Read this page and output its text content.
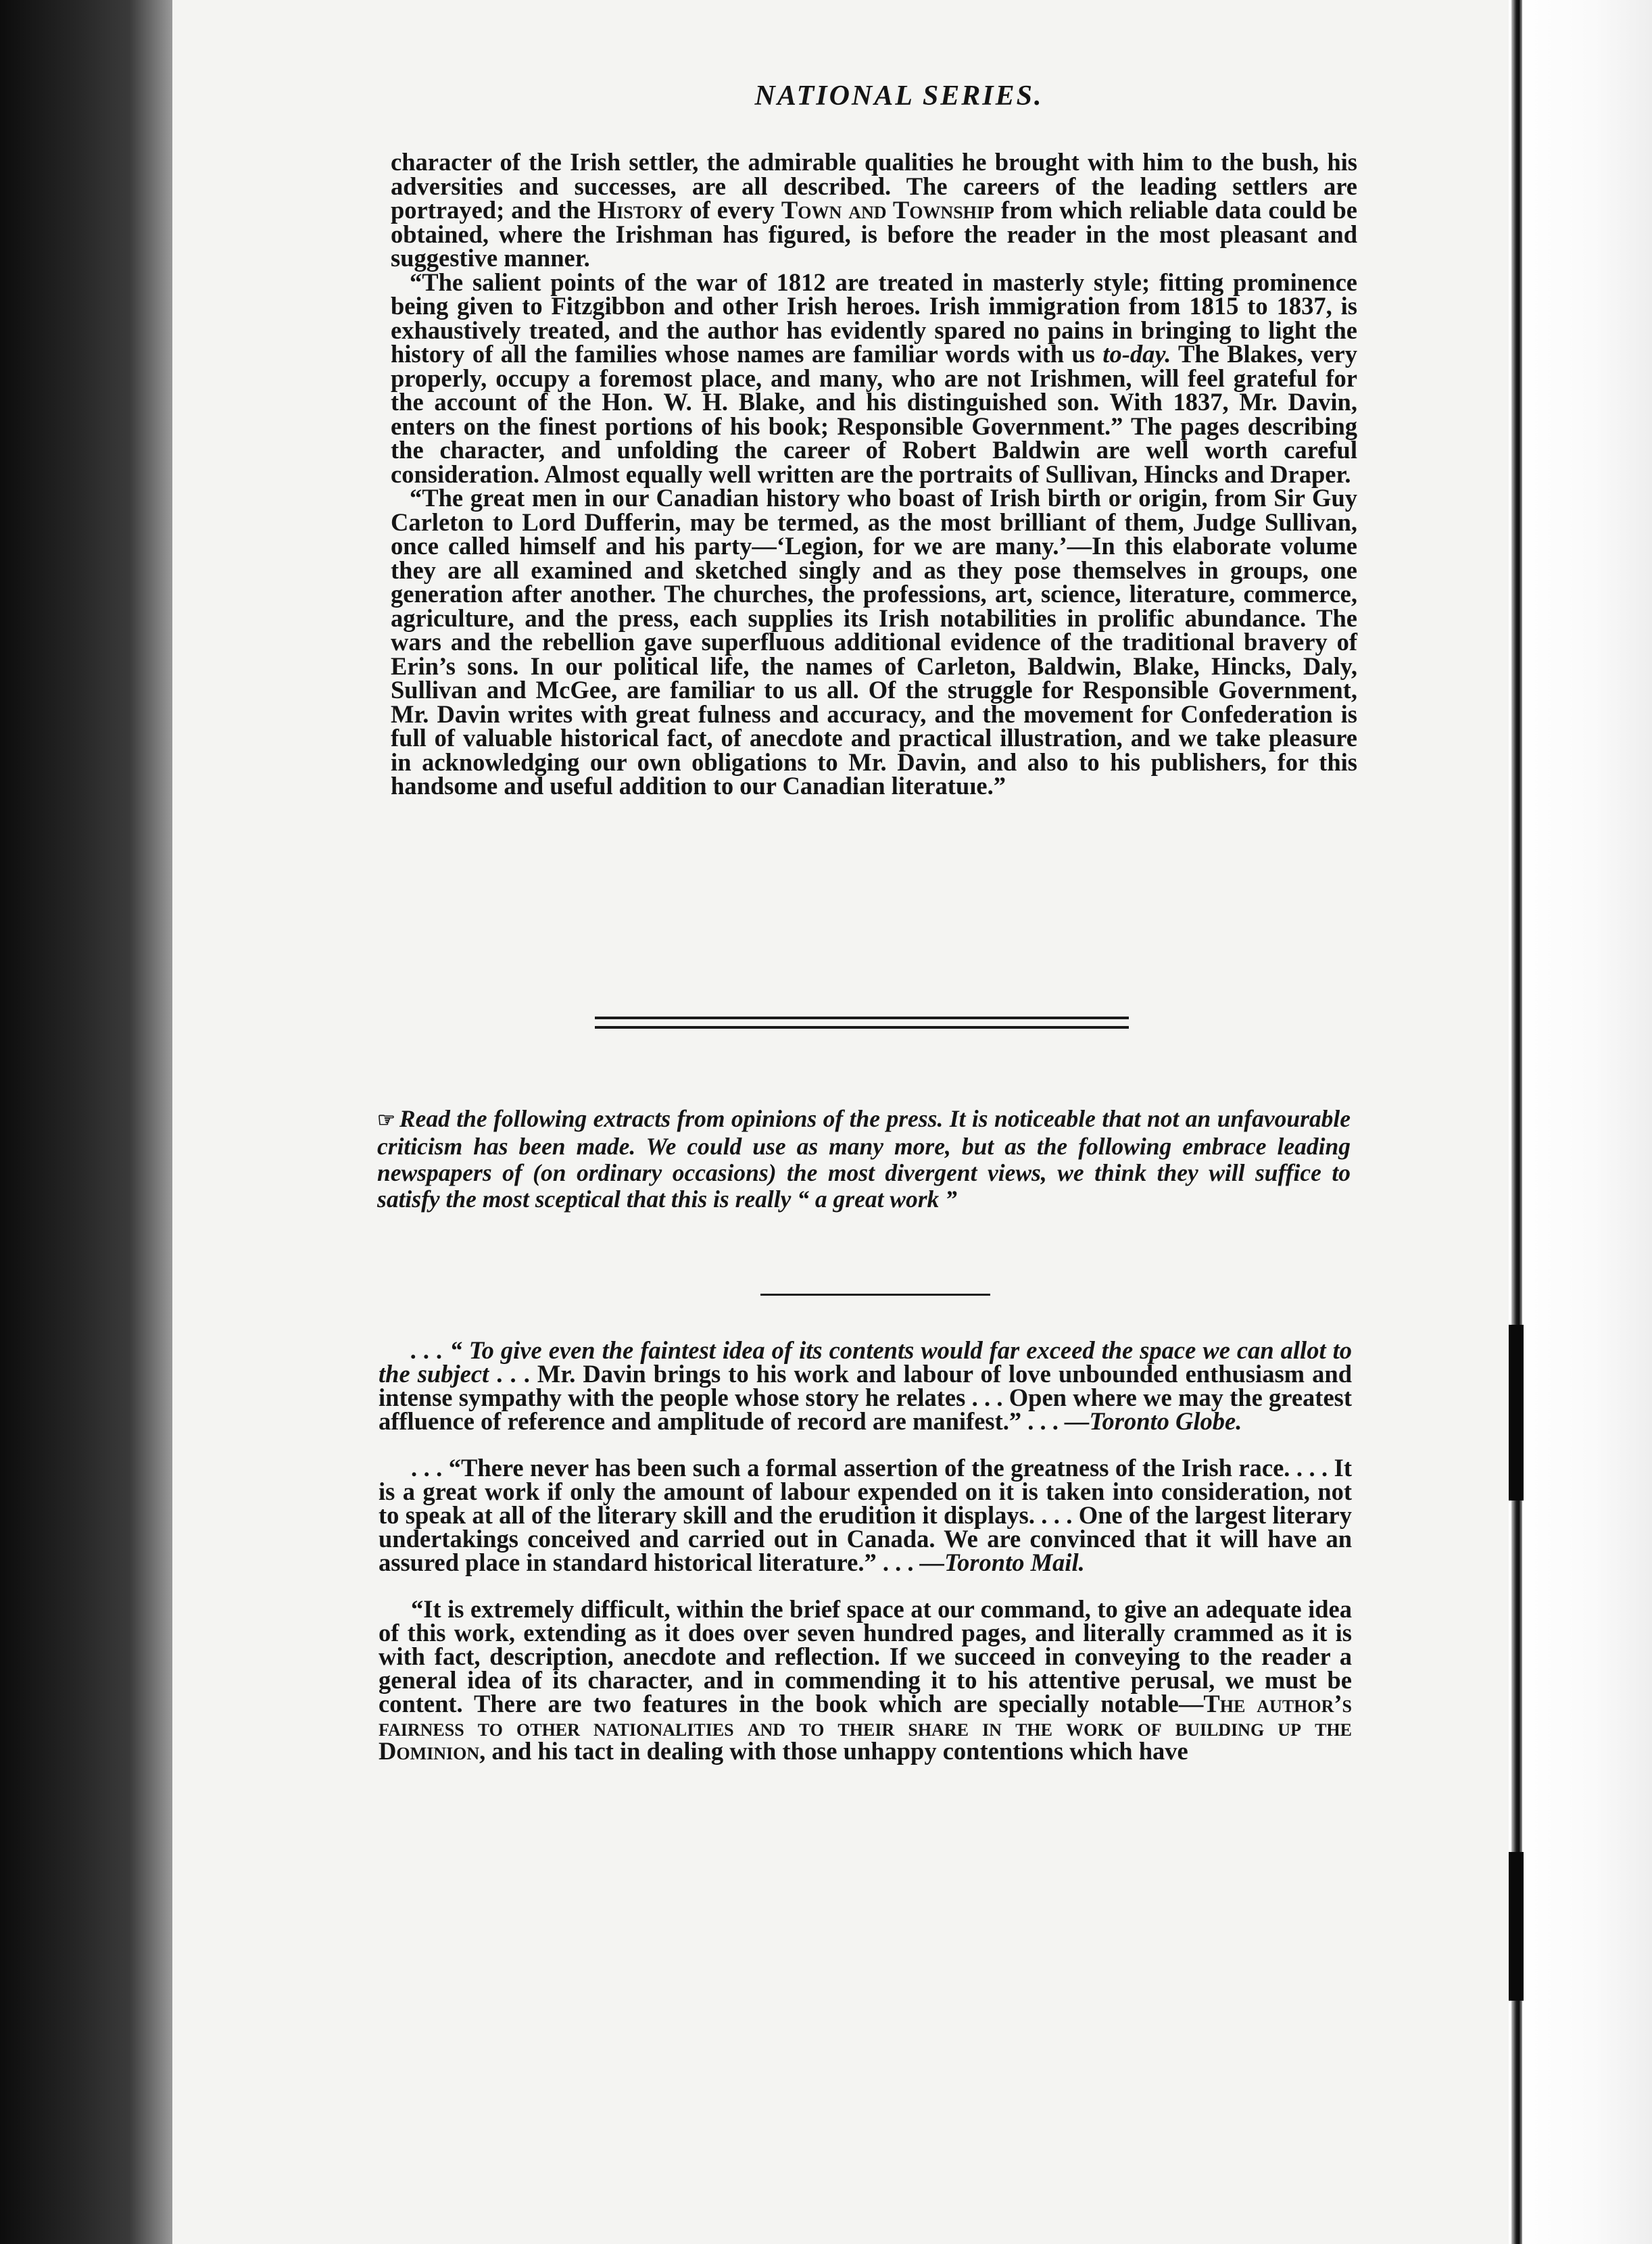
NATIONAL SERIES.

character of the Irish settler, the admirable qualities he brought with him to the bush, his adversities and successes, are all described. The careers of the leading settlers are portrayed; and the History of every Town and Township from which reliable data could be obtained, where the Irishman has figured, is before the reader in the most pleasant and suggestive manner.

“The salient points of the war of 1812 are treated in masterly style; fitting prominence being given to Fitzgibbon and other Irish heroes. Irish immigration from 1815 to 1837, is exhaustively treated, and the author has evidently spared no pains in bringing to light the history of all the families whose names are familiar words with us to-day. The Blakes, very properly, occupy a foremost place, and many, who are not Irishmen, will feel grateful for the account of the Hon. W. H. Blake, and his distinguished son. With 1837, Mr. Davin, enters on the finest portions of his book; Responsible Government.” The pages describing the character, and unfolding the career of Robert Baldwin are well worth careful consideration. Almost equally well written are the portraits of Sullivan, Hincks and Draper.

“The great men in our Canadian history who boast of Irish birth or origin, from Sir Guy Carleton to Lord Dufferin, may be termed, as the most brilliant of them, Judge Sullivan, once called himself and his party—‘Legion, for we are many.’—In this elaborate volume they are all examined and sketched singly and as they pose themselves in groups, one generation after another. The churches, the professions, art, science, literature, commerce, agriculture, and the press, each supplies its Irish notabilities in prolific abundance. The wars and the rebellion gave superfluous additional evidence of the traditional bravery of Erin’s sons. In our political life, the names of Carleton, Baldwin, Blake, Hincks, Daly, Sullivan and McGee, are familiar to us all. Of the struggle for Responsible Government, Mr. Davin writes with great fulness and accuracy, and the movement for Confederation is full of valuable historical fact, of anecdote and practical illustration, and we take pleasure in acknowledging our own obligations to Mr. Davin, and also to his publishers, for this handsome and useful addition to our Canadian literatuıe.”

☞ Read the following extracts from opinions of the press. It is noticeable that not an unfavourable criticism has been made. We could use as many more, but as the following embrace leading newspapers of (on ordinary occasions) the most divergent views, we think they will suffice to satisfy the most sceptical that this is really “ a great work ”

. . . “ To give even the faintest idea of its contents would far exceed the space we can allot to the subject . . . Mr. Davin brings to his work and labour of love unbounded enthusiasm and intense sympathy with the people whose story he relates . . . Open where we may the greatest affluence of reference and amplitude of record are manifest.” . . . —Toronto Globe.

. . . “There never has been such a formal assertion of the greatness of the Irish race. . . . It is a great work if only the amount of labour expended on it is taken into consideration, not to speak at all of the literary skill and the erudition it displays. . . . One of the largest literary undertakings conceived and carried out in Canada. We are convinced that it will have an assured place in standard historical literature.” . . . —Toronto Mail.

“It is extremely difficult, within the brief space at our command, to give an adequate idea of this work, extending as it does over seven hundred pages, and literally crammed as it is with fact, description, anecdote and reflection. If we succeed in conveying to the reader a general idea of its character, and in commending it to his attentive perusal, we must be content. There are two features in the book which are specially notable—The author’s fairness to other nationalities and to their share in the work of building up the Dominion, and his tact in dealing with those unhappy contentions which have
